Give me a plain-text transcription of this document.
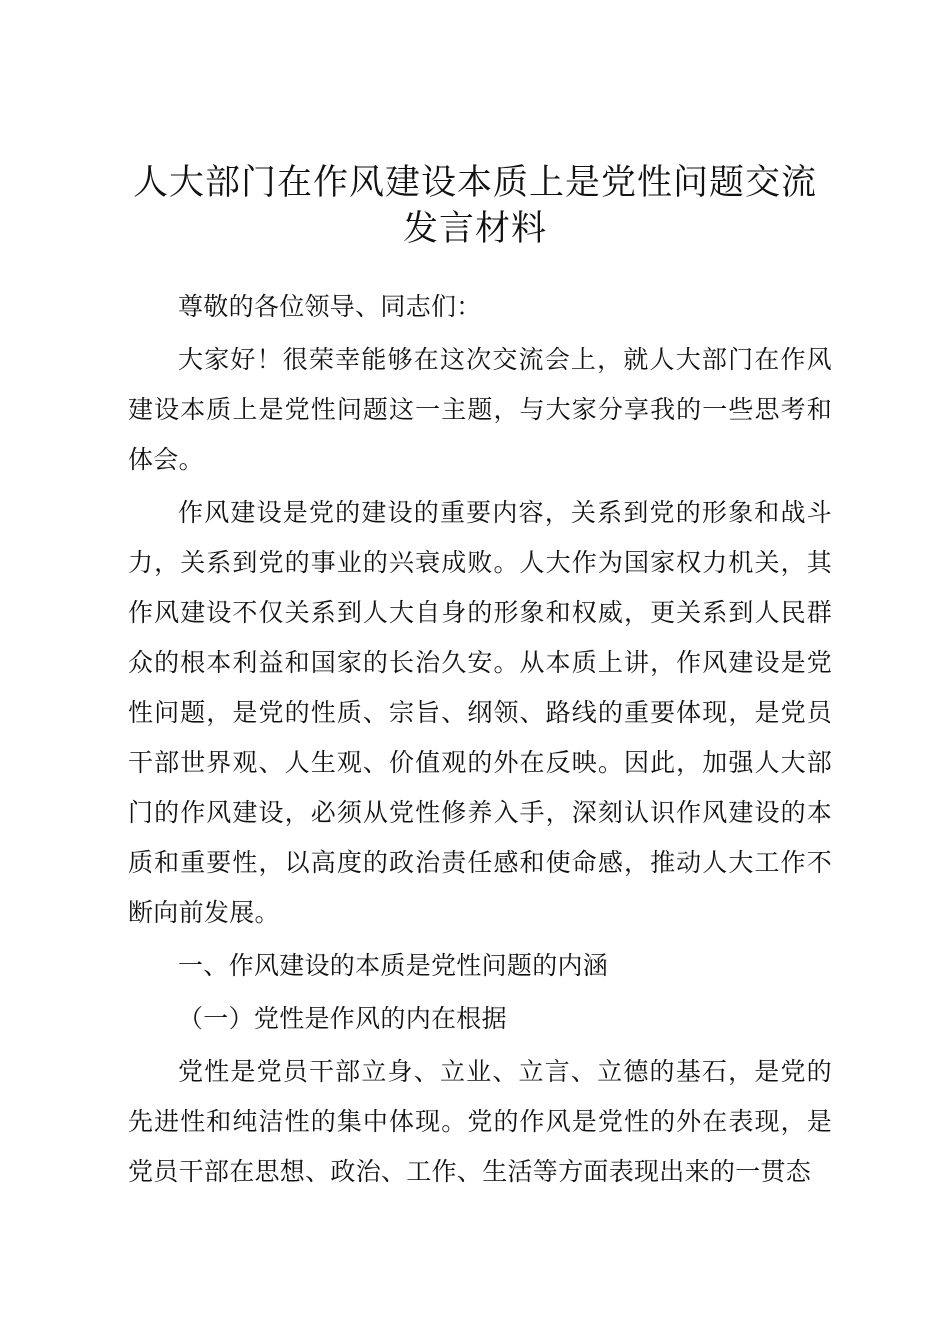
人大部门在作风建设本质上是党性问题交流发言材料

尊敬的各位领导、同志们：

大家好！很荣幸能够在这次交流会上，就人大部门在作风建设本质上是党性问题这一主题，与大家分享我的一些思考和体会。

作风建设是党的建设的重要内容，关系到党的形象和战斗力，关系到党的事业的兴衰成败。人大作为国家权力机关，其作风建设不仅关系到人大自身的形象和权威，更关系到人民群众的根本利益和国家的长治久安。从本质上讲，作风建设是党性问题，是党的性质、宗旨、纲领、路线的重要体现，是党员干部世界观、人生观、价值观的外在反映。因此，加强人大部门的作风建设，必须从党性修养入手，深刻认识作风建设的本质和重要性，以高度的政治责任感和使命感，推动人大工作不断向前发展。

一、作风建设的本质是党性问题的内涵

（一）党性是作风的内在根据

党性是党员干部立身、立业、立言、立德的基石，是党的先进性和纯洁性的集中体现。党的作风是党性的外在表现，是党员干部在思想、政治、工作、生活等方面表现出来的一贯态
